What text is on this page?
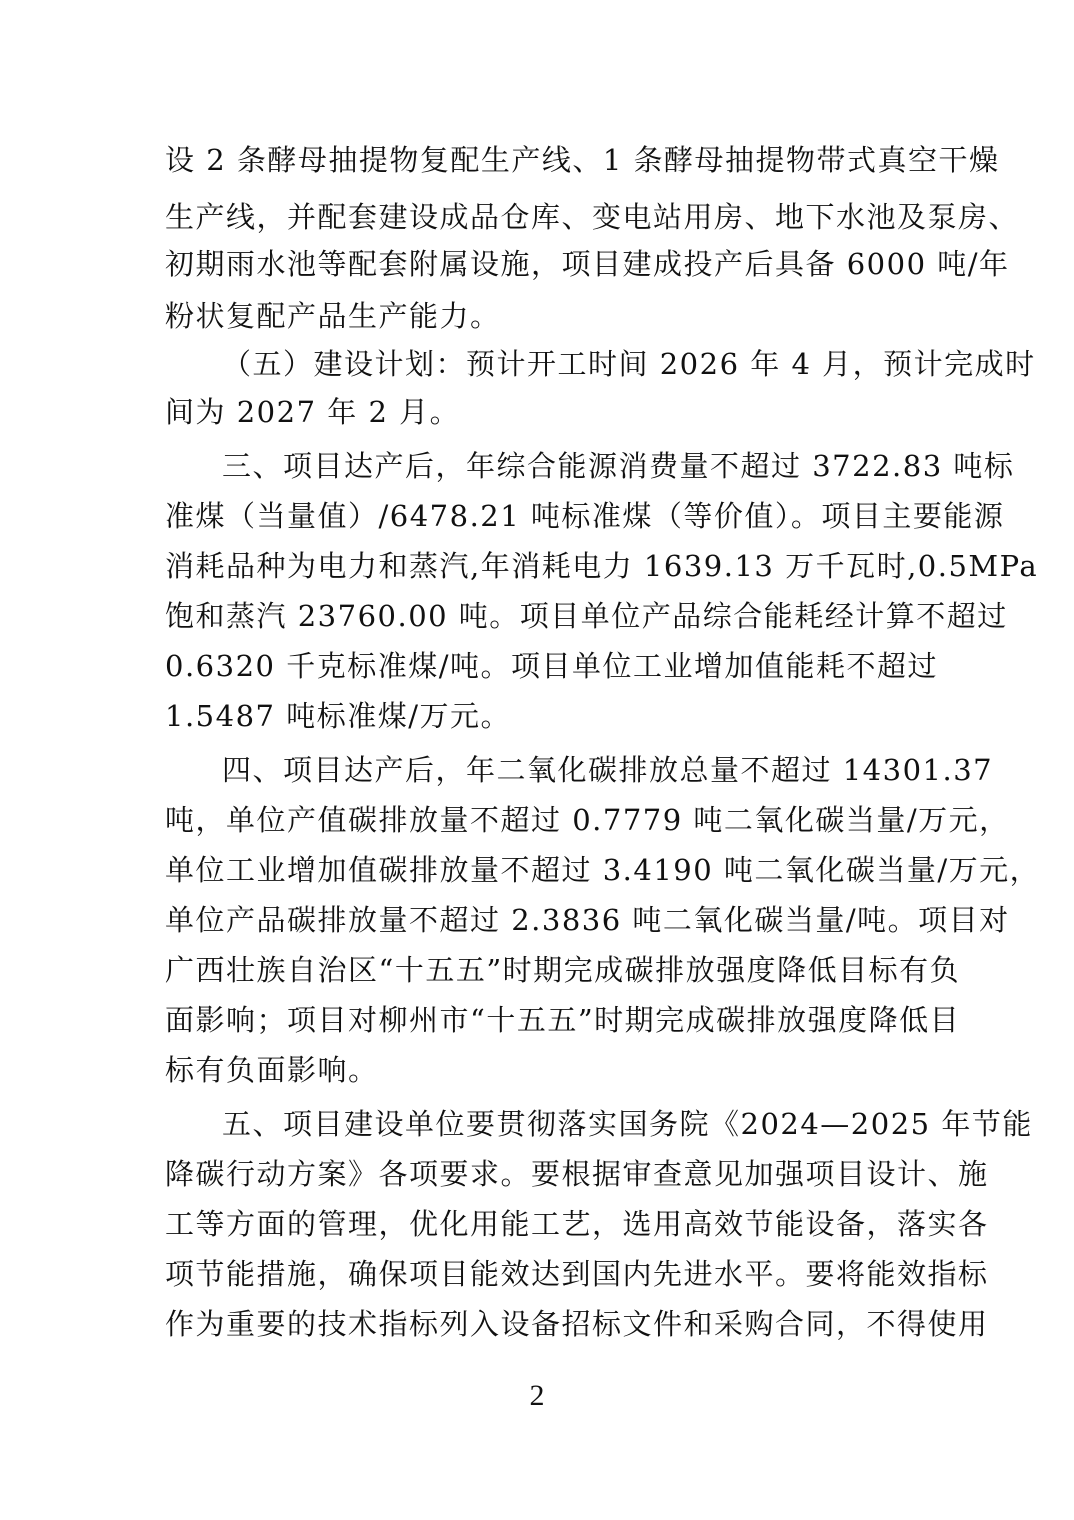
设 2 条酵母抽提物复配生产线、1 条酵母抽提物带式真空干燥
生产线，并配套建设成品仓库、变电站用房、地下水池及泵房、
初期雨水池等配套附属设施，项目建成投产后具备 6000 吨/年
粉状复配产品生产能力。
（五）建设计划：预计开工时间 2026 年 4 月，预计完成时
间为 2027 年 2 月。
三、项目达产后，年综合能源消费量不超过 3722.83 吨标
准煤（当量值）/6478.21 吨标准煤（等价值）。项目主要能源
消耗品种为电力和蒸汽,年消耗电力 1639.13 万千瓦时,0.5MPa
饱和蒸汽 23760.00 吨。项目单位产品综合能耗经计算不超过
0.6320 千克标准煤/吨。项目单位工业增加值能耗不超过
1.5487 吨标准煤/万元。
四、项目达产后，年二氧化碳排放总量不超过 14301.37
吨，单位产值碳排放量不超过 0.7779 吨二氧化碳当量/万元，
单位工业增加值碳排放量不超过 3.4190 吨二氧化碳当量/万元，
单位产品碳排放量不超过 2.3836 吨二氧化碳当量/吨。项目对
广西壮族自治区“十五五”时期完成碳排放强度降低目标有负
面影响；项目对柳州市“十五五”时期完成碳排放强度降低目
标有负面影响。
五、项目建设单位要贯彻落实国务院《2024—2025 年节能
降碳行动方案》各项要求。要根据审查意见加强项目设计、施
工等方面的管理，优化用能工艺，选用高效节能设备，落实各
项节能措施，确保项目能效达到国内先进水平。要将能效指标
作为重要的技术指标列入设备招标文件和采购合同，不得使用
2
